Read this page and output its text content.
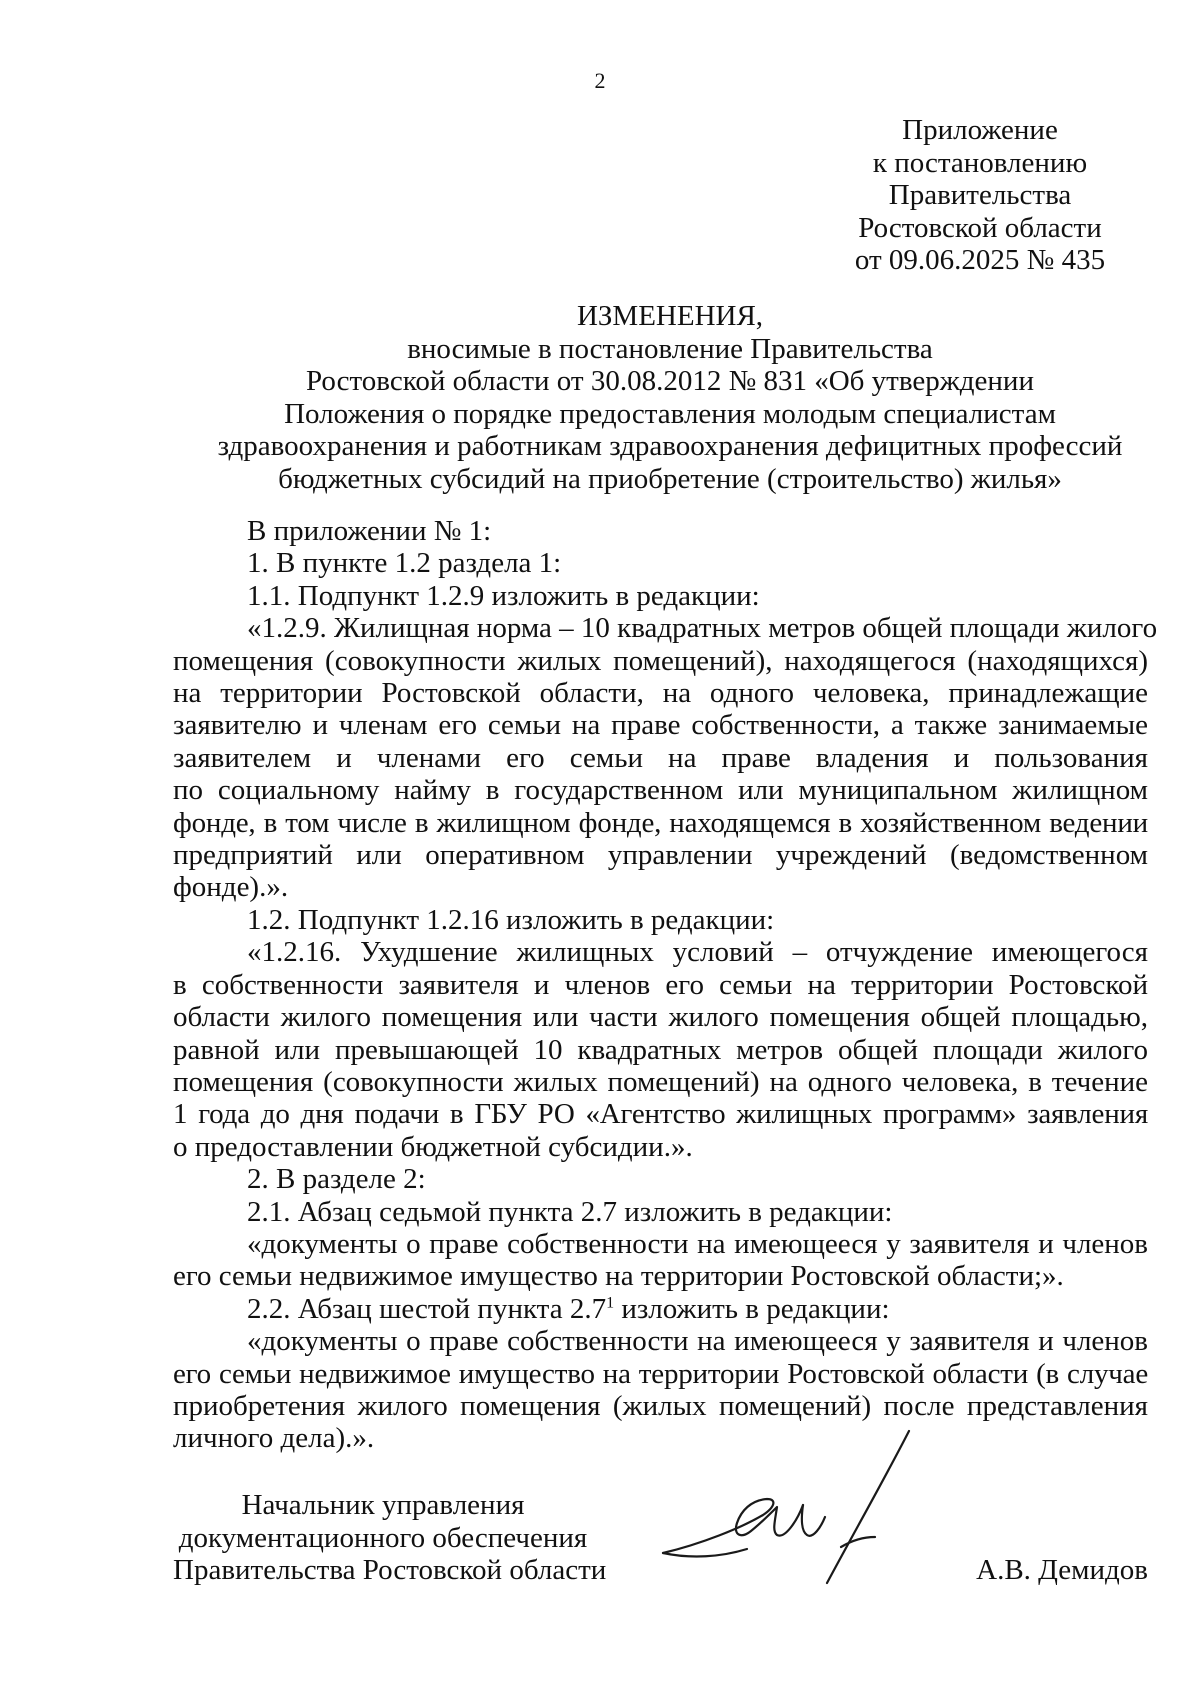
2
Приложение
к постановлению
Правительства
Ростовской области
от 09.06.2025 № 435
ИЗМЕНЕНИЯ,
вносимые в постановление Правительства
Ростовской области от 30.08.2012 № 831 «Об утверждении
Положения о порядке предоставления молодым специалистам
здравоохранения и работникам здравоохранения дефицитных профессий
бюджетных субсидий на приобретение (строительство) жилья»

В приложении № 1:

1. В пункте 1.2 раздела 1:

1.1. Подпункт 1.2.9 изложить в редакции:

«1.2.9. Жилищная норма – 10 квадратных метров общей площади жилого
помещения (совокупности жилых помещений), находящегося (находящихся)
на территории Ростовской области, на одного человека, принадлежащие
заявителю и членам его семьи на праве собственности, а также занимаемые
заявителем и членами его семьи на праве владения и пользования
по социальному найму в государственном или муниципальном жилищном
фонде, в том числе в жилищном фонде, находящемся в хозяйственном ведении
предприятий или оперативном управлении учреждений (ведомственном
фонде).».

1.2. Подпункт 1.2.16 изложить в редакции:

«1.2.16. Ухудшение жилищных условий – отчуждение имеющегося
в собственности заявителя и членов его семьи на территории Ростовской
области жилого помещения или части жилого помещения общей площадью,
равной или превышающей 10 квадратных метров общей площади жилого
помещения (совокупности жилых помещений) на одного человека, в течение
1 года до дня подачи в ГБУ РО «Агентство жилищных программ» заявления
о предоставлении бюджетной субсидии.».

2. В разделе 2:

2.1. Абзац седьмой пункта 2.7 изложить в редакции:

«документы о праве собственности на имеющееся у заявителя и членов
его семьи недвижимое имущество на территории Ростовской области;».

2.2. Абзац шестой пункта $2.7^1$ изложить в редакции:

«документы о праве собственности на имеющееся у заявителя и членов
его семьи недвижимое имущество на территории Ростовской области (в случае
приобретения жилого помещения (жилых помещений) после представления
личного дела).».
Начальник управления
документационного обеспечения
Правительства Ростовской области	А.В. Демидов
